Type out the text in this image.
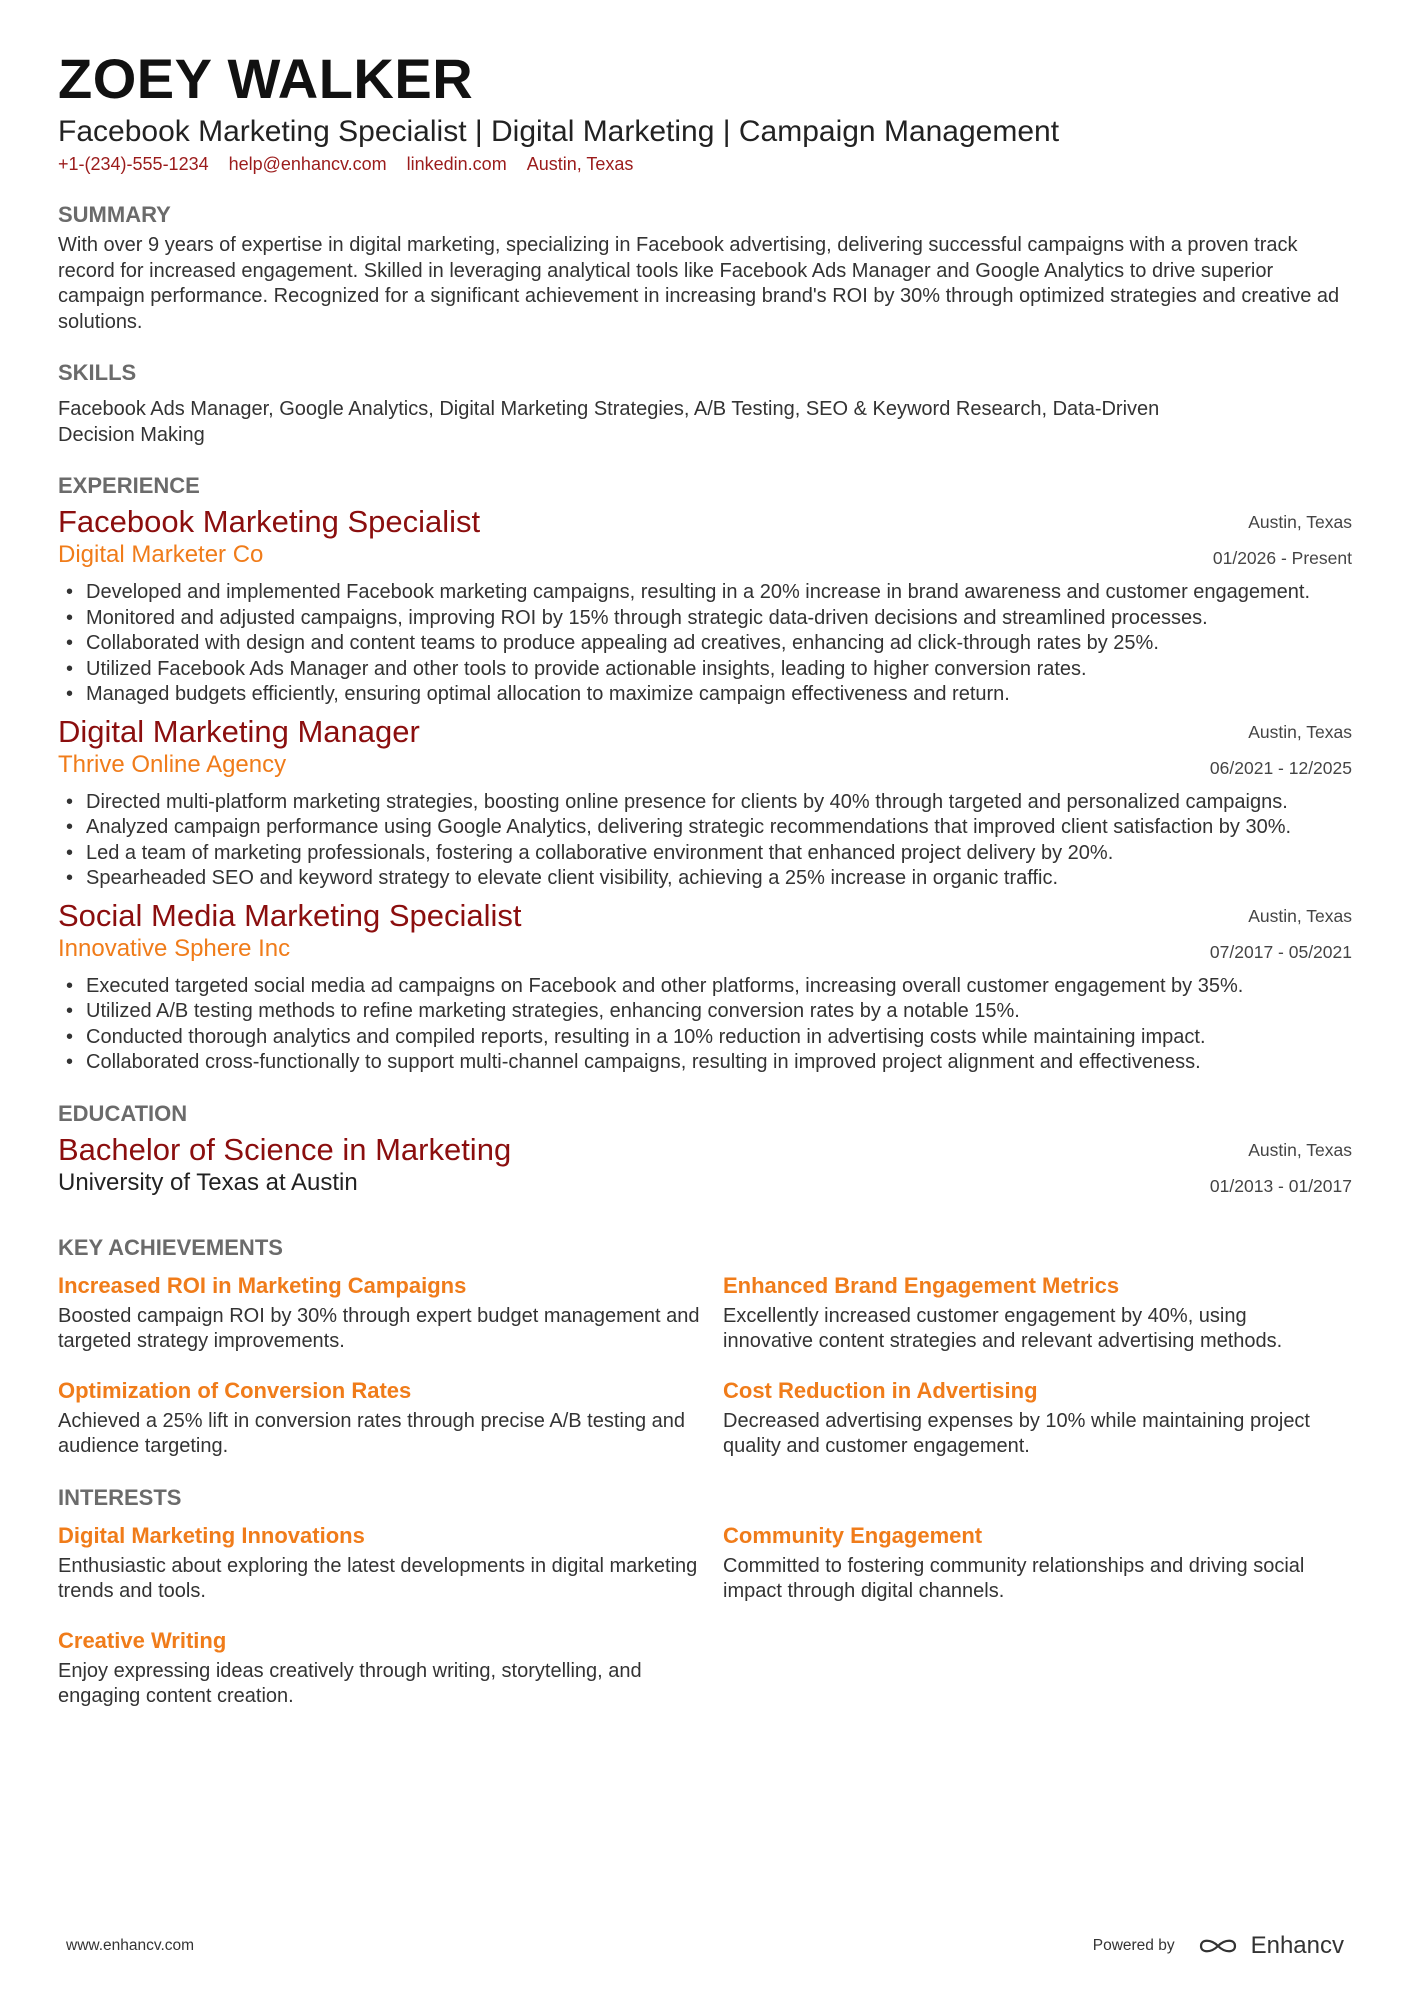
ZOEY WALKER
Facebook Marketing Specialist | Digital Marketing | Campaign Management
+1-(234)-555-1234 help@enhancv.com linkedin.com Austin, Texas
SUMMARY
With over 9 years of expertise in digital marketing, specializing in Facebook advertising, delivering successful campaigns with a proven track record for increased engagement. Skilled in leveraging analytical tools like Facebook Ads Manager and Google Analytics to drive superior campaign performance. Recognized for a significant achievement in increasing brand's ROI by 30% through optimized strategies and creative ad solutions.
SKILLS
Facebook Ads Manager, Google Analytics, Digital Marketing Strategies, A/B Testing, SEO & Keyword Research, Data-Driven Decision Making
EXPERIENCE
Facebook Marketing Specialist
Digital Marketer Co
Austin, Texas
01/2026 - Present
• Developed and implemented Facebook marketing campaigns, resulting in a 20% increase in brand awareness and customer engagement.
• Monitored and adjusted campaigns, improving ROI by 15% through strategic data-driven decisions and streamlined processes.
• Collaborated with design and content teams to produce appealing ad creatives, enhancing ad click-through rates by 25%.
• Utilized Facebook Ads Manager and other tools to provide actionable insights, leading to higher conversion rates.
• Managed budgets efficiently, ensuring optimal allocation to maximize campaign effectiveness and return.
Digital Marketing Manager
Thrive Online Agency
Austin, Texas
06/2021 - 12/2025
• Directed multi-platform marketing strategies, boosting online presence for clients by 40% through targeted and personalized campaigns.
• Analyzed campaign performance using Google Analytics, delivering strategic recommendations that improved client satisfaction by 30%.
• Led a team of marketing professionals, fostering a collaborative environment that enhanced project delivery by 20%.
• Spearheaded SEO and keyword strategy to elevate client visibility, achieving a 25% increase in organic traffic.
Social Media Marketing Specialist
Innovative Sphere Inc
Austin, Texas
07/2017 - 05/2021
• Executed targeted social media ad campaigns on Facebook and other platforms, increasing overall customer engagement by 35%.
• Utilized A/B testing methods to refine marketing strategies, enhancing conversion rates by a notable 15%.
• Conducted thorough analytics and compiled reports, resulting in a 10% reduction in advertising costs while maintaining impact.
• Collaborated cross-functionally to support multi-channel campaigns, resulting in improved project alignment and effectiveness.
EDUCATION
Bachelor of Science in Marketing
University of Texas at Austin
Austin, Texas
01/2013 - 01/2017
KEY ACHIEVEMENTS
Increased ROI in Marketing Campaigns
Boosted campaign ROI by 30% through expert budget management and targeted strategy improvements.
Enhanced Brand Engagement Metrics
Excellently increased customer engagement by 40%, using innovative content strategies and relevant advertising methods.
Optimization of Conversion Rates
Achieved a 25% lift in conversion rates through precise A/B testing and audience targeting.
Cost Reduction in Advertising
Decreased advertising expenses by 10% while maintaining project quality and customer engagement.
INTERESTS
Digital Marketing Innovations
Enthusiastic about exploring the latest developments in digital marketing trends and tools.
Community Engagement
Committed to fostering community relationships and driving social impact through digital channels.
Creative Writing
Enjoy expressing ideas creatively through writing, storytelling, and engaging content creation.
www.enhancv.com	Powered by	Enhancv
